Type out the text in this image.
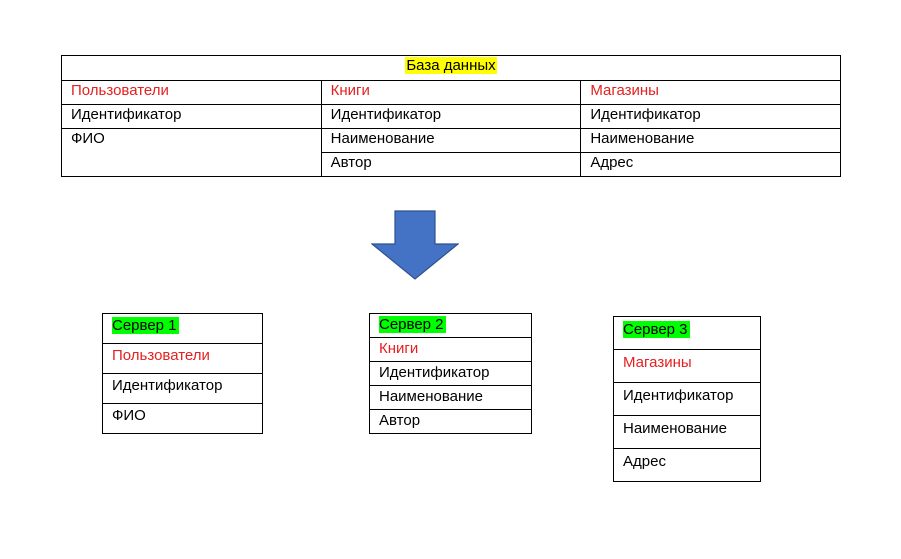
База данных		
Пользователи	Книги	Магазины
Идентификатор	Идентификатор	Идентификатор
ФИО	Наименование	Наименование
	Автор	Адрес
Сервер 1
Пользователи
Идентификатор
ФИО
Сервер 2
Книги
Идентификатор
Наименование
Автор
Сервер 3
Магазины
Идентификатор
Наименование
Адрес
